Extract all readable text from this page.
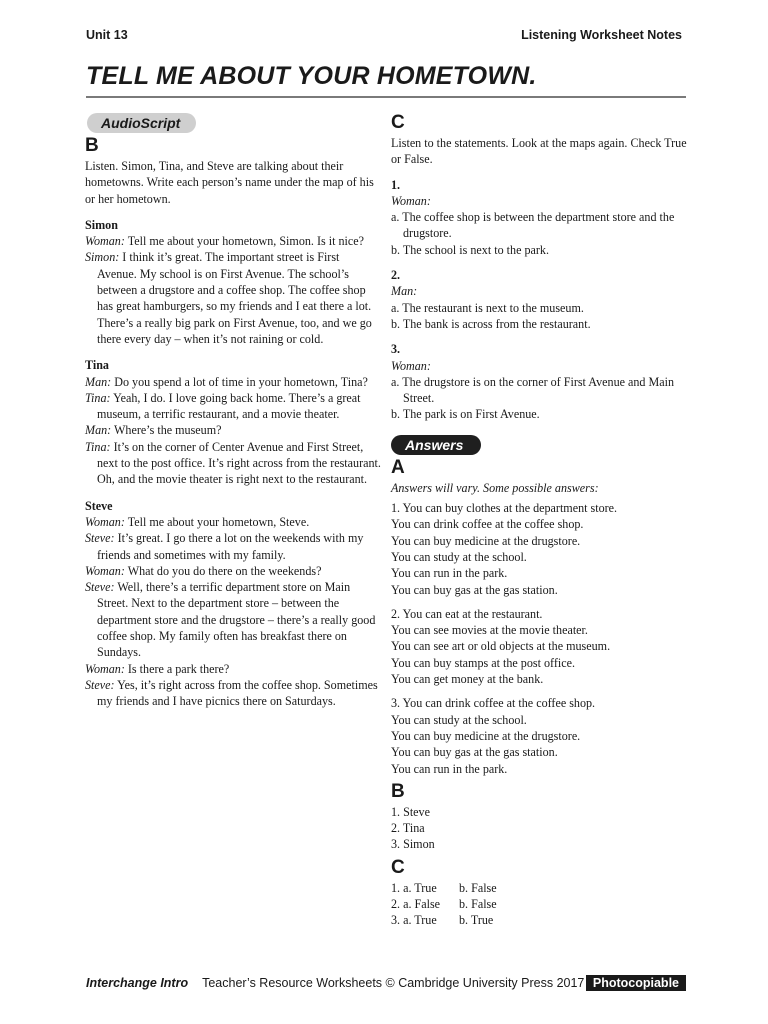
Unit 13	Listening Worksheet Notes
TELL ME ABOUT YOUR HOMETOWN.
AudioScript
B

Listen. Simon, Tina, and Steve are talking about their hometowns. Write each person’s name under the map of his or her hometown.

Simon
Woman: Tell me about your hometown, Simon. Is it nice?
Simon: I think it’s great. The important street is First Avenue. My school is on First Avenue. The school’s between a drugstore and a coffee shop. The coffee shop has great hamburgers, so my friends and I eat there a lot. There’s a really big park on First Avenue, too, and we go there every day – when it’s not raining or cold.
Tina
Man: Do you spend a lot of time in your hometown, Tina?
Tina: Yeah, I do. I love going back home. There’s a great museum, a terrific restaurant, and a movie theater.
Man: Where’s the museum?
Tina: It’s on the corner of Center Avenue and First Street, next to the post office. It’s right across from the restaurant. Oh, and the movie theater is right next to the restaurant.
Steve
Woman: Tell me about your hometown, Steve.
Steve: It’s great. I go there a lot on the weekends with my friends and sometimes with my family.
Woman: What do you do there on the weekends?
Steve: Well, there’s a terrific department store on Main Street. Next to the department store – between the department store and the drugstore – there’s a really good coffee shop. My family often has breakfast there on Sundays.
Woman: Is there a park there?
Steve: Yes, it’s right across from the coffee shop. Sometimes my friends and I have picnics there on Saturdays.
C

Listen to the statements. Look at the maps again. Check True or False.

1.
Woman:
a. The coffee shop is between the department store and the drugstore.
b. The school is next to the park.
2.
Man:
a. The restaurant is next to the museum.
b. The bank is across from the restaurant.
3.
Woman:
a. The drugstore is on the corner of First Avenue and Main Street.
b. The park is on First Avenue.
Answers
A
Answers will vary. Some possible answers:
1. You can buy clothes at the department store.
You can drink coffee at the coffee shop.
You can buy medicine at the drugstore.
You can study at the school.
You can run in the park.
You can buy gas at the gas station.
2. You can eat at the restaurant.
You can see movies at the movie theater.
You can see art or old objects at the museum.
You can buy stamps at the post office.
You can get money at the bank.
3. You can drink coffee at the coffee shop.
You can study at the school.
You can buy medicine at the drugstore.
You can buy gas at the gas station.
You can run in the park.
B
1. Steve
2. Tina
3. Simon
C
1. a. True	b. False
2. a. False	b. False
3. a. True	b. True
Interchange Intro Teacher’s Resource Worksheets © Cambridge University Press 2017 Photocopiable
